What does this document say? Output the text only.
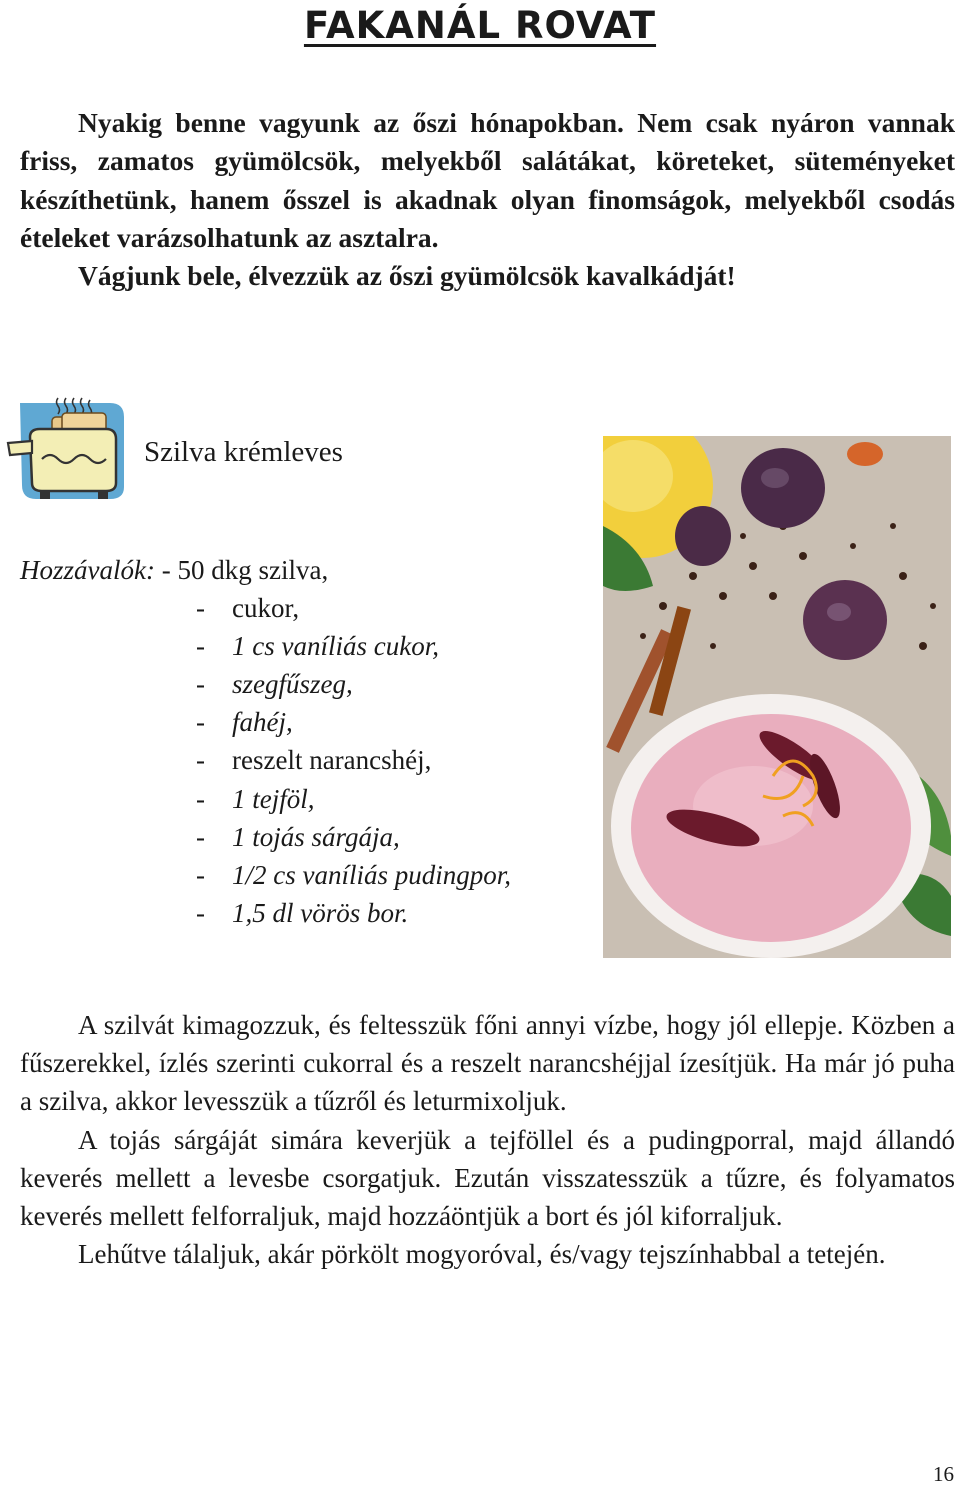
FAKANÁL ROVAT

Nyakig benne vagyunk az őszi hónapokban. Nem csak nyáron vannak friss, zamatos gyümölcsök, melyekből salátákat, köreteket, süteményeket készíthetünk, hanem ősszel is akadnak olyan finomságok, melyekből csodás ételeket varázsolhatunk az asztalra.

Vágjunk bele, élvezzük az őszi gyümölcsök kavalkádját!

Szilva krémleves
Hozzávalók: - 50 dkg szilva,
- cukor,
- 1 cs vaníliás cukor,
- szegfűszeg,
- fahéj,
- reszelt narancshéj,
- 1 tejföl,
- 1 tojás sárgája,
- 1/2 cs vaníliás pudingpor,
- 1,5 dl vörös bor.

A szilvát kimagozzuk, és feltesszük főni annyi vízbe, hogy jól ellepje. Közben a fűszerekkel, ízlés szerinti cukorral és a reszelt narancshéjjal ízesítjük. Ha már jó puha a szilva, akkor levesszük a tűzről és leturmixoljuk.

A tojás sárgáját simára keverjük a tejföllel és a pudingporral, majd állandó keverés mellett a levesbe csorgatjuk. Ezután visszatesszük a tűzre, és folyamatos keverés mellett felforraljuk, majd hozzáöntjük a bort és jól kiforraljuk.

Lehűtve tálaljuk, akár pörkölt mogyoróval, és/vagy tejszínhabbal a tetején.

16
